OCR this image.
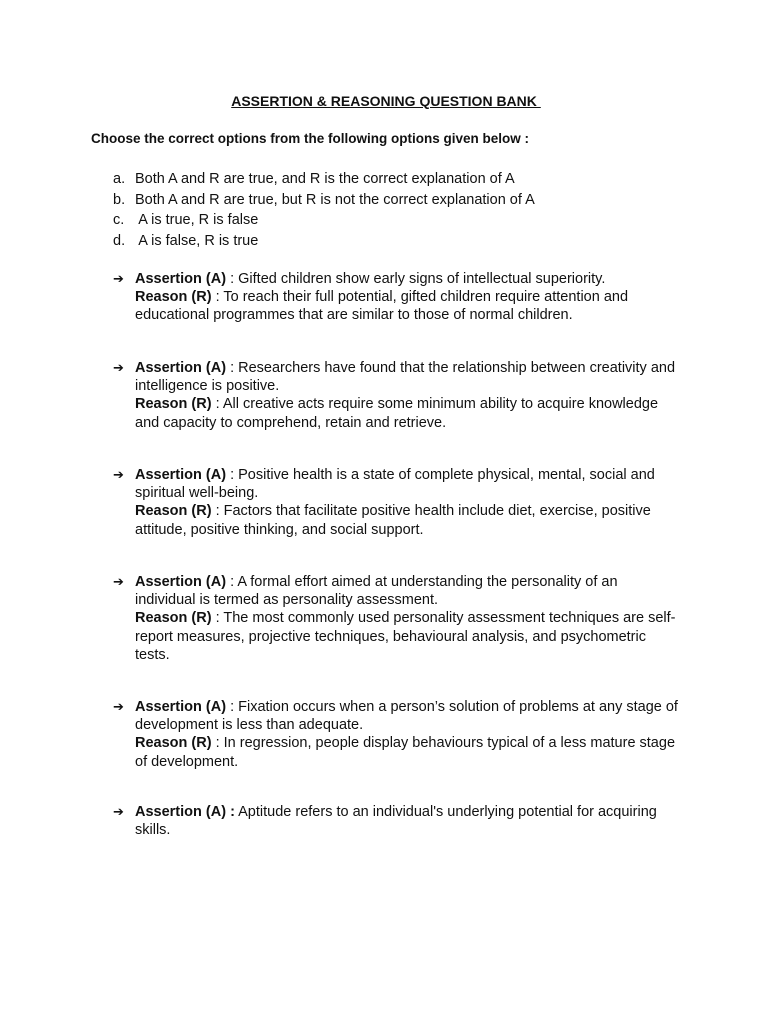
ASSERTION & REASONING QUESTION BANK
Choose the correct options from the following options given below :
a. Both A and R are true, and R is the correct explanation of A
b. Both A and R are true, but R is not the correct explanation of A
c. A is true, R is false
d. A is false, R is true
➔ Assertion (A) : Gifted children show early signs of intellectual superiority.
Reason (R) : To reach their full potential, gifted children require attention and educational programmes that are similar to those of normal children.
➔ Assertion (A) : Researchers have found that the relationship between creativity and intelligence is positive.
Reason (R) : All creative acts require some minimum ability to acquire knowledge and capacity to comprehend, retain and retrieve.
➔ Assertion (A) : Positive health is a state of complete physical, mental, social and spiritual well-being.
Reason (R) : Factors that facilitate positive health include diet, exercise, positive attitude, positive thinking, and social support.
➔ Assertion (A) : A formal effort aimed at understanding the personality of an individual is termed as personality assessment.
Reason (R) : The most commonly used personality assessment techniques are self-report measures, projective techniques, behavioural analysis, and psychometric tests.
➔ Assertion (A) : Fixation occurs when a person’s solution of problems at any stage of development is less than adequate.
Reason (R) : In regression, people display behaviours typical of a less mature stage of development.
➔ Assertion (A) : Aptitude refers to an individual's underlying potential for acquiring skills.
